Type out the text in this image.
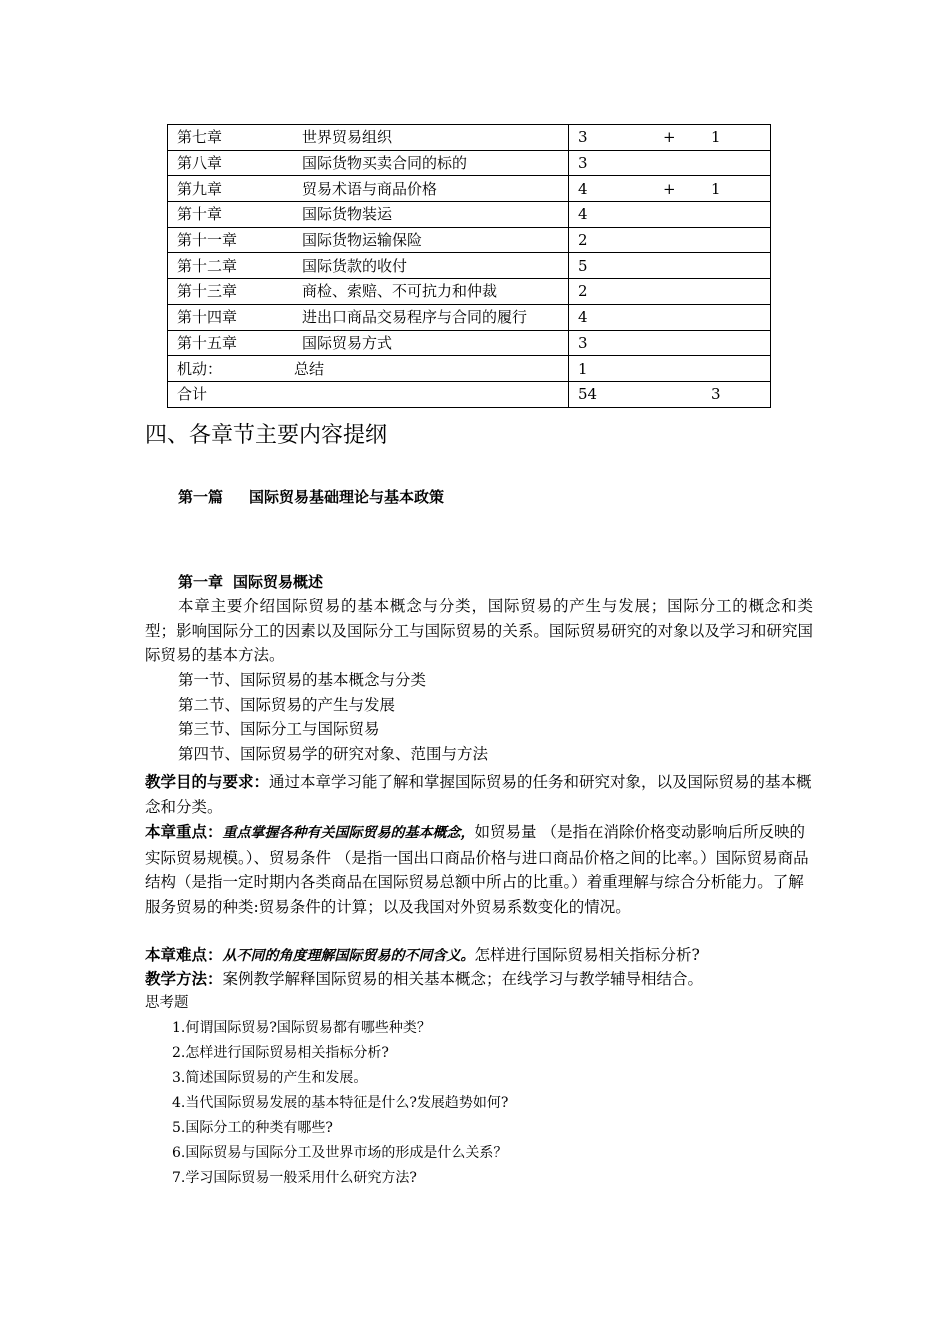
第七章 世界贸易组织	3 + 1
第八章 国际货物买卖合同的标的	3
第九章 贸易术语与商品价格	4 + 1
第十章 国际货物装运	4
第十一章 国际货物运输保险	2
第十二章 国际货款的收付	5
第十三章 商检、索赔、不可抗力和仲裁	2
第十四章 进出口商品交易程序与合同的履行	4
第十五章 国际贸易方式	3
机动： 总结	1
合计	54 3
四、各章节主要内容提纲
第一篇 国际贸易基础理论与基本政策
第一章 国际贸易概述
本章主要介绍国际贸易的基本概念与分类，国际贸易的产生与发展；国际分工的概念和类型；影响国际分工的因素以及国际分工与国际贸易的关系。国际贸易研究的对象以及学习和研究国际贸易的基本方法。
第一节、国际贸易的基本概念与分类
第二节、国际贸易的产生与发展
第三节、国际分工与国际贸易
第四节、国际贸易学的研究对象、范围与方法
教学目的与要求：通过本章学习能了解和掌握国际贸易的任务和研究对象，以及国际贸易的基本概念和分类。
本章重点：重点掌握各种有关国际贸易的基本概念，如贸易量 （是指在消除价格变动影响后所反映的实际贸易规模。）、贸易条件 （是指一国出口商品价格与进口商品价格之间的比率。）国际贸易商品结构（是指一定时期内各类商品在国际贸易总额中所占的比重。）着重理解与综合分析能力。了解服务贸易的种类:贸易条件的计算；以及我国对外贸易系数变化的情况。
本章难点：从不同的角度理解国际贸易的不同含义。怎样进行国际贸易相关指标分析?
教学方法：案例教学解释国际贸易的相关基本概念；在线学习与教学辅导相结合。
思考题
1.何谓国际贸易?国际贸易都有哪些种类？
2.怎样进行国际贸易相关指标分析?
3.简述国际贸易的产生和发展。
4.当代国际贸易发展的基本特征是什么?发展趋势如何?
5.国际分工的种类有哪些?
6.国际贸易与国际分工及世界市场的形成是什么关系？
7.学习国际贸易一般采用什么研究方法?
